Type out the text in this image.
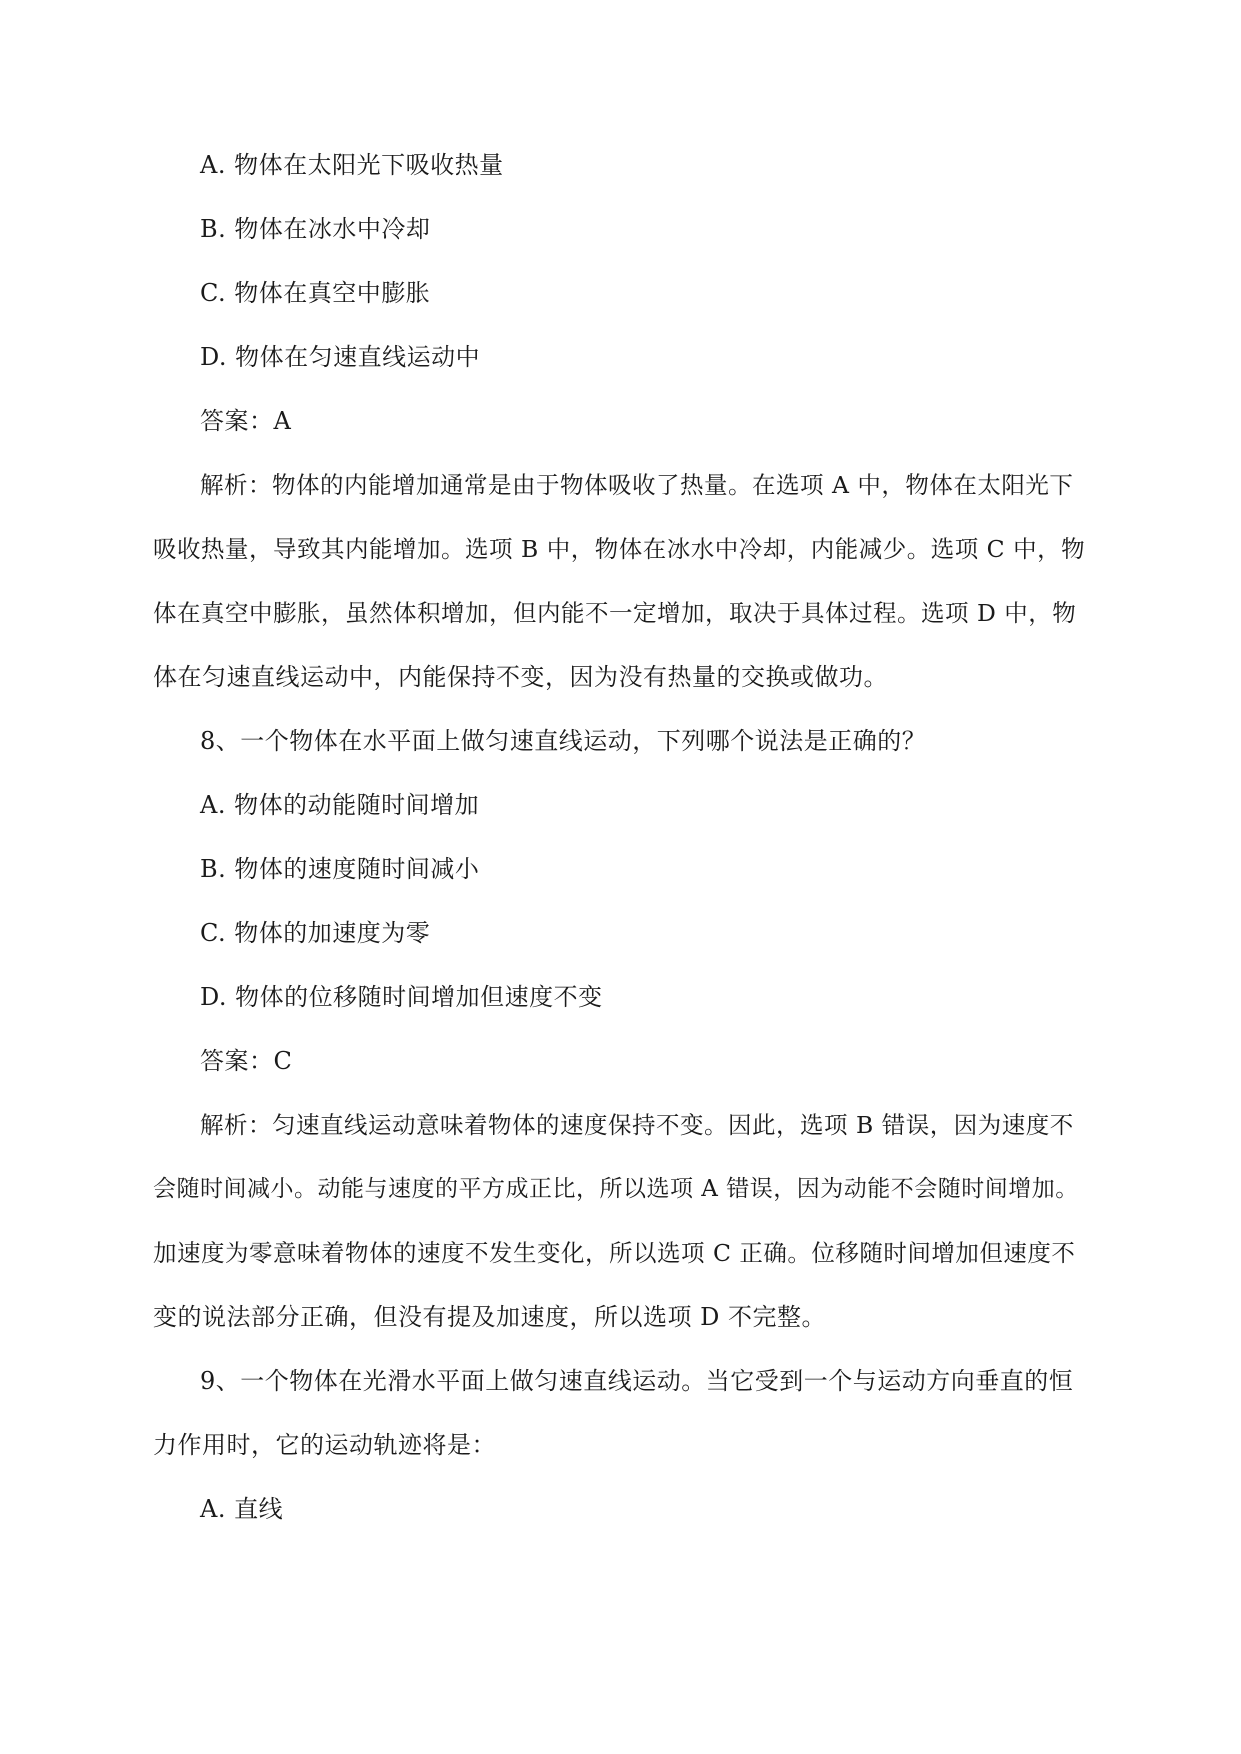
A. 物体在太阳光下吸收热量
B. 物体在冰水中冷却
C. 物体在真空中膨胀
D. 物体在匀速直线运动中
答案：A
解析：物体的内能增加通常是由于物体吸收了热量。在选项 A 中，物体在太阳光下
吸收热量，导致其内能增加。选项 B 中，物体在冰水中冷却，内能减少。选项 C 中，物
体在真空中膨胀，虽然体积增加，但内能不一定增加，取决于具体过程。选项 D 中，物
体在匀速直线运动中，内能保持不变，因为没有热量的交换或做功。
8、一个物体在水平面上做匀速直线运动，下列哪个说法是正确的？
A. 物体的动能随时间增加
B. 物体的速度随时间减小
C. 物体的加速度为零
D. 物体的位移随时间增加但速度不变
答案：C
解析：匀速直线运动意味着物体的速度保持不变。因此，选项 B 错误，因为速度不
会随时间减小。动能与速度的平方成正比，所以选项 A 错误，因为动能不会随时间增加。
加速度为零意味着物体的速度不发生变化，所以选项 C 正确。位移随时间增加但速度不
变的说法部分正确，但没有提及加速度，所以选项 D 不完整。
9、一个物体在光滑水平面上做匀速直线运动。当它受到一个与运动方向垂直的恒
力作用时，它的运动轨迹将是：
A. 直线
